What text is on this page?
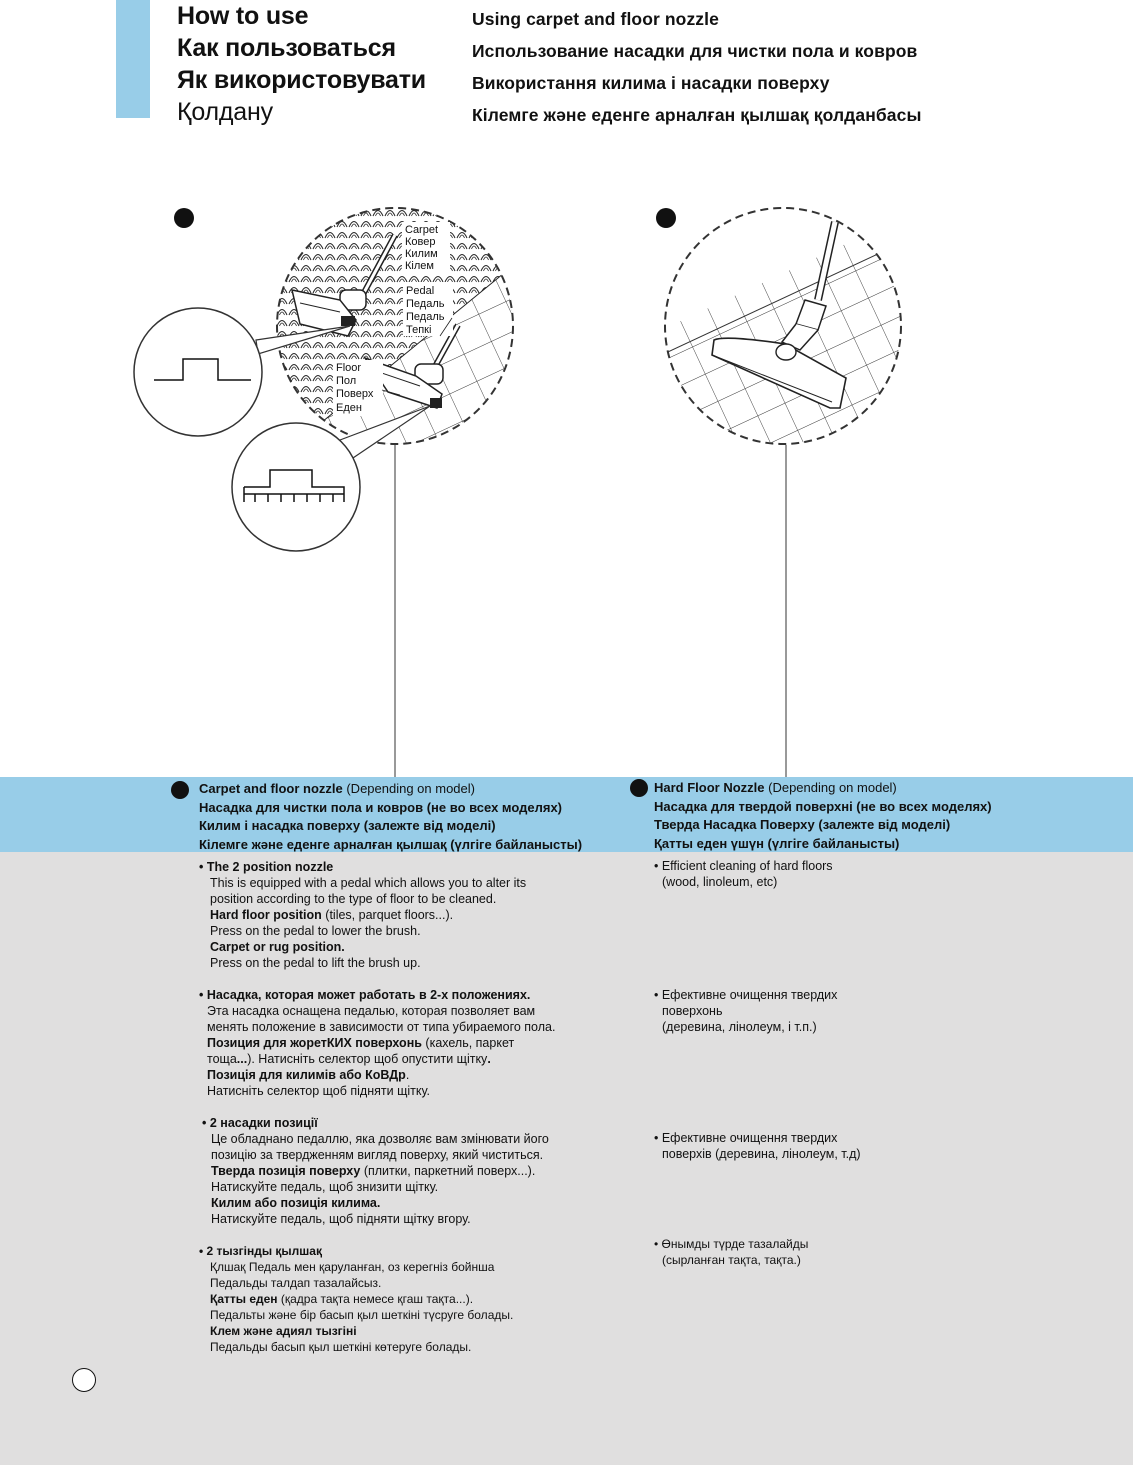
How to use
Как пользоваться
Як використовувати
Қолдану
Using carpet and floor nozzle
Использование насадки для чистки пола и ковров
Використання килима і насадки поверху
Кілемге және еденге арналған қылшақ қолданбасы
Carpet Ковер Килим Кілем
Pedal Педаль Педаль Тепкі
Floor Пол Поверх Еден
Carpet and floor nozzle (Depending on model)
Насадка для чистки пола и ковров (не во всех моделях)
Килим і насадка поверху (залежте від моделі)
Кілемге және еденге арналған қылшақ (үлгіге байланысты)
Hard Floor Nozzle (Depending on model)
Насадка для твердой поверхні (не во всех моделях)
Тверда Насадка Поверху (залежте від моделі)
Қатты еден үшүн (үлгіге байланысты)
• The 2 position nozzle
This is equipped with a pedal which allows you to alter its
position according to the type of floor to be cleaned.
Hard floor position (tiles, parquet floors...).
Press on the pedal to lower the brush.
Carpet or rug position.
Press on the pedal to lift the brush up.
• Насадка, которая может работать в 2-х положениях.
Эта насадка оснащена педалью, которая позволяет вам
менять положение в зависимости от типа убираемого пола.
Позиция для жоретКИХ поверхонь (кахель, паркет
тоща...). Натисніть селектор щоб опустити щітку.
Позиція для килимів або КоВДр.
Натисніть селектор щоб підняти щітку.
• 2 насадки позиції
Це обладнано педаллю, яка дозволяє вам змінювати його
позицію за твердженням вигляд поверху, який чиститься.
Тверда позиція поверху (плитки, паркетний поверх...).
Натискуйте педаль, щоб знизити щітку.
Килим або позиція килима.
Натискуйте педаль, щоб підняти щітку вгору.
• 2 тызгінды қылшақ
Қлшақ Педаль мен қаруланған, оз керегніз бойнша
Педальды талдап тазалайсыз.
Қатты еден (қадра тақта немесе қгаш тақта...).
Педальты және бір басып қыл шеткіні түсруге болады.
Клем және адиял тызгіні
Педальды басып қыл шеткіні көтеруге болады.
• Efficient cleaning of hard floors
(wood, linoleum, etc)
• Ефективне очищення твердих
поверхонь
(деревина, лінолеум, і т.п.)
• Ефективне очищення твердих
поверхів (деревина, лінолеум, т.д)
• Өнымды түрде тазалайды
(сырланған тақта, тақта.)
